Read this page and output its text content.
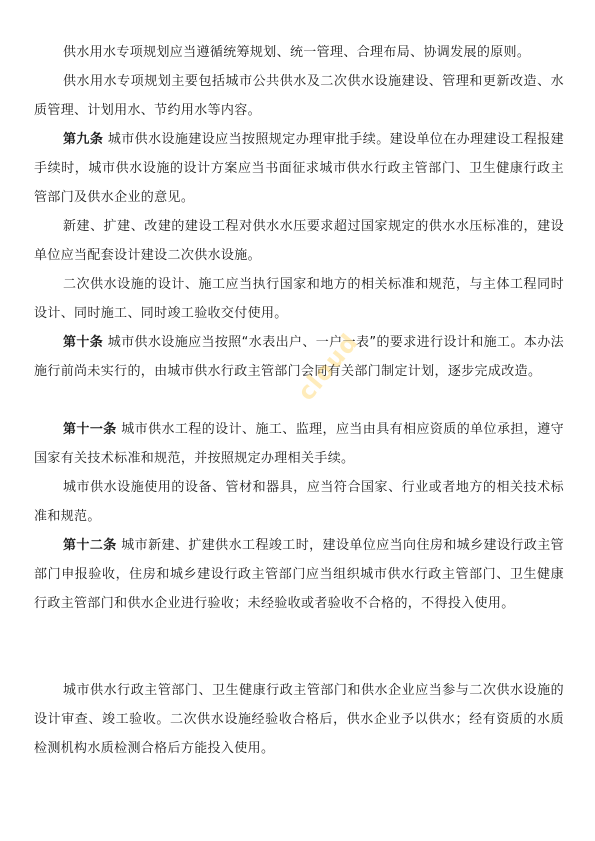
供水用水专项规划应当遵循统筹规划、统一管理、合理布局、协调发展的原则。

供水用水专项规划主要包括城市公共供水及二次供水设施建设、管理和更新改造、水质管理、计划用水、节约用水等内容。

第九条 城市供水设施建设应当按照规定办理审批手续。建设单位在办理建设工程报建手续时，城市供水设施的设计方案应当书面征求城市供水行政主管部门、卫生健康行政主管部门及供水企业的意见。

新建、扩建、改建的建设工程对供水水压要求超过国家规定的供水水压标准的，建设单位应当配套设计建设二次供水设施。

二次供水设施的设计、施工应当执行国家和地方的相关标准和规范，与主体工程同时设计、同时施工、同时竣工验收交付使用。

第十条 城市供水设施应当按照“水表出户、一户一表”的要求进行设计和施工。本办法施行前尚未实行的，由城市供水行政主管部门会同有关部门制定计划，逐步完成改造。

第十一条 城市供水工程的设计、施工、监理，应当由具有相应资质的单位承担，遵守国家有关技术标准和规范，并按照规定办理相关手续。

城市供水设施使用的设备、管材和器具，应当符合国家、行业或者地方的相关技术标准和规范。

第十二条 城市新建、扩建供水工程竣工时，建设单位应当向住房和城乡建设行政主管部门申报验收，住房和城乡建设行政主管部门应当组织城市供水行政主管部门、卫生健康行政主管部门和供水企业进行验收；未经验收或者验收不合格的，不得投入使用。

城市供水行政主管部门、卫生健康行政主管部门和供水企业应当参与二次供水设施的设计审查、竣工验收。二次供水设施经验收合格后，供水企业予以供水；经有资质的水质检测机构水质检测合格后方能投入使用。

cloud
